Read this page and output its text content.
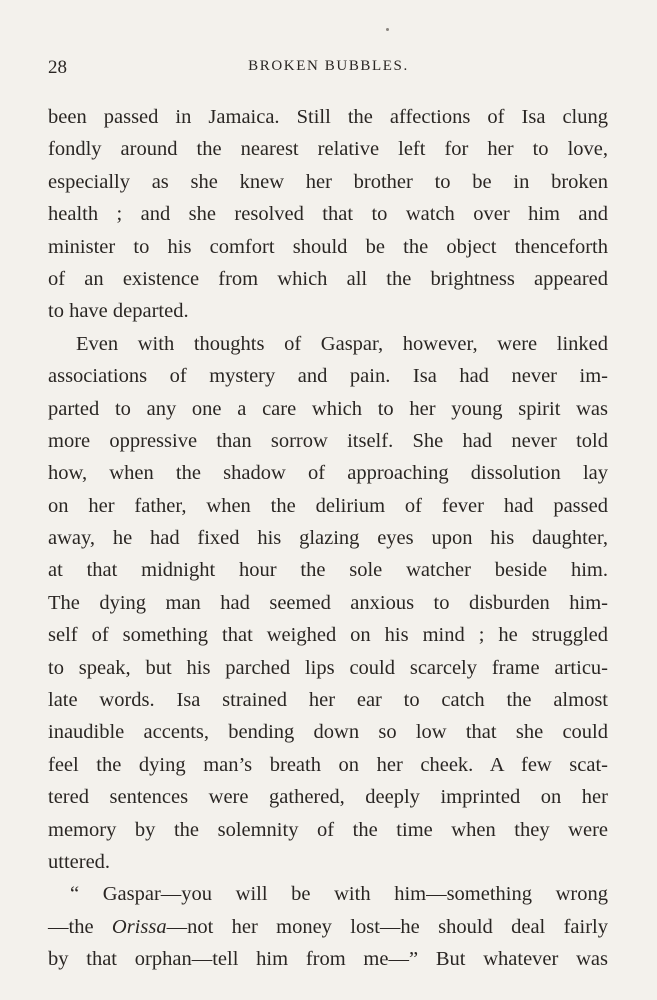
28	BROKEN BUBBLES.
been passed in Jamaica. Still the affections of Isa clung
fondly around the nearest relative left for her to love,
especially as she knew her brother to be in broken
health ; and she resolved that to watch over him and
minister to his comfort should be the object thenceforth
of an existence from which all the brightness appeared
to have departed.
Even with thoughts of Gaspar, however, were linked
associations of mystery and pain. Isa had never im-
parted to any one a care which to her young spirit was
more oppressive than sorrow itself. She had never told
how, when the shadow of approaching dissolution lay
on her father, when the delirium of fever had passed
away, he had fixed his glazing eyes upon his daughter,
at that midnight hour the sole watcher beside him.
The dying man had seemed anxious to disburden him-
self of something that weighed on his mind ; he struggled
to speak, but his parched lips could scarcely frame articu-
late words. Isa strained her ear to catch the almost
inaudible accents, bending down so low that she could
feel the dying man’s breath on her cheek. A few scat-
tered sentences were gathered, deeply imprinted on her
memory by the solemnity of the time when they were
uttered.
“ Gaspar—you will be with him—something wrong
—the Orissa—not her money lost—he should deal fairly
by that orphan—tell him from me—” But whatever was
